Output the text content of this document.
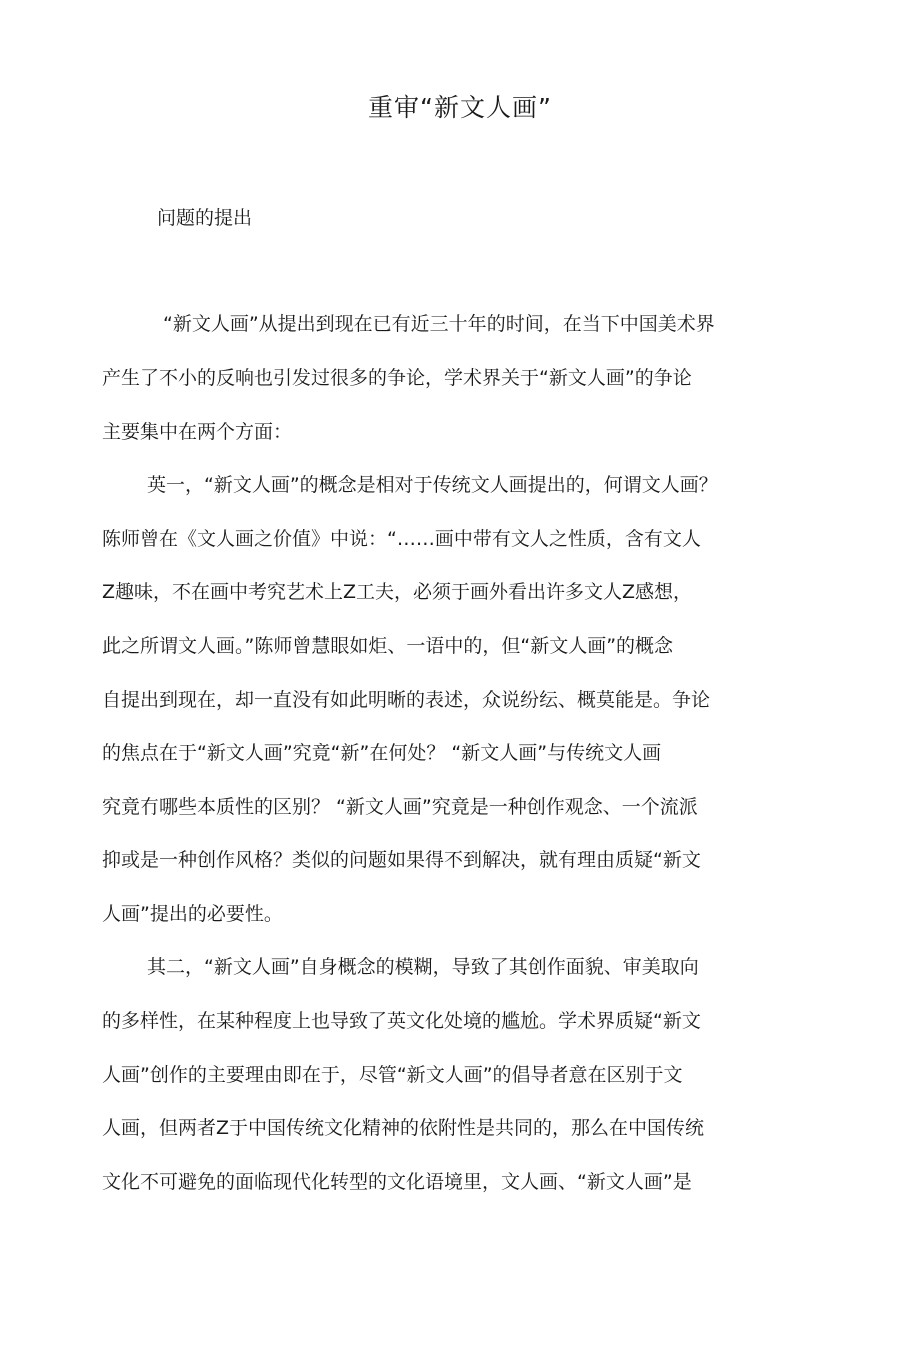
重审“新文人画”
问题的提出

“新文人画”从提出到现在已有近三十年的时间，在当下中国美术界

产生了不小的反响也引发过很多的争论，学术界关于“新文人画”的争论

主要集中在两个方面：

英一，“新文人画”的概念是相对于传统文人画提出的，何谓文人画？

陈师曾在《文人画之价值》中说：“……画中带有文人之性质，含有文人

Z趣味，不在画中考究艺术上Z工夫，必须于画外看出许多文人Z感想，

此之所谓文人画。”陈师曾慧眼如炬、一语中的，但“新文人画”的概念

自提出到现在，却一直没有如此明晰的表述，众说纷纭、概莫能是。争论

的焦点在于“新文人画”究竟“新”在何处？ “新文人画”与传统文人画

究竟冇哪些本质性的区别？ “新文人画”究竟是一种创作观念、一个流派

抑或是一种创作风格？类似的问题如果得不到解决，就有理由质疑“新文

人画”提出的必要性。

其二，“新文人画”自身概念的模糊，导致了其创作面貌、审美取向

的多样性，在某种程度上也导致了英文化处境的尴尬。学术界质疑“新文

人画”创作的主要理由即在于，尽管“新文人画”的倡导者意在区别于文

人画，但两者Z于中国传统文化精神的依附性是共同的，那么在中国传统

文化不可避免的面临现代化转型的文化语境里，文人画、“新文人画”是
